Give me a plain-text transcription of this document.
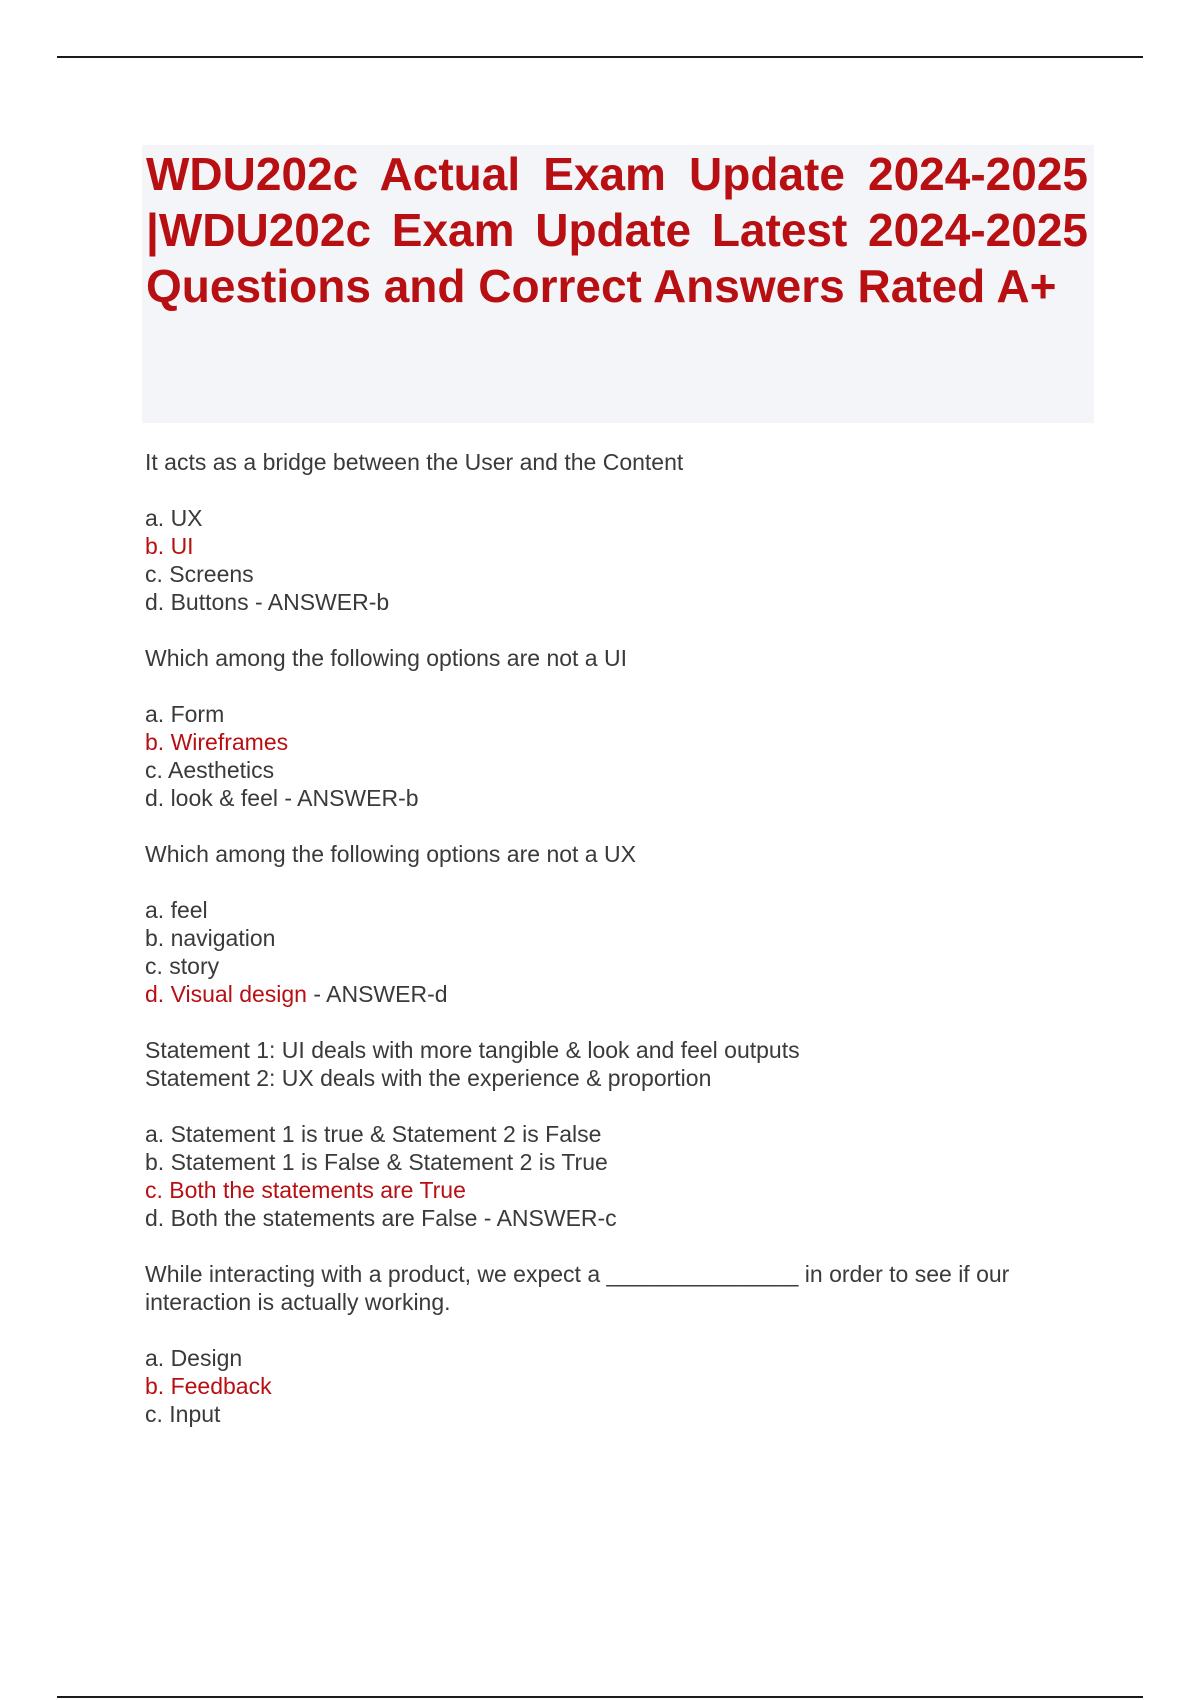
WDU202c Actual Exam Update 2024-2025 |WDU202c Exam Update Latest 2024-2025 Questions and Correct Answers Rated A+

It acts as a bridge between the User and the Content

a. UX

b. UI

c. Screens

d. Buttons - ANSWER-b

Which among the following options are not a UI

a. Form

b. Wireframes

c. Aesthetics

d. look & feel - ANSWER-b

Which among the following options are not a UX

a. feel

b. navigation

c. story

d. Visual design - ANSWER-d

Statement 1: UI deals with more tangible & look and feel outputs

Statement 2: UX deals with the experience & proportion

a. Statement 1 is true & Statement 2 is False

b. Statement 1 is False & Statement 2 is True

c. Both the statements are True

d. Both the statements are False - ANSWER-c

While interacting with a product, we expect a _______________ in order to see if our interaction is actually working.

a. Design

b. Feedback

c. Input
